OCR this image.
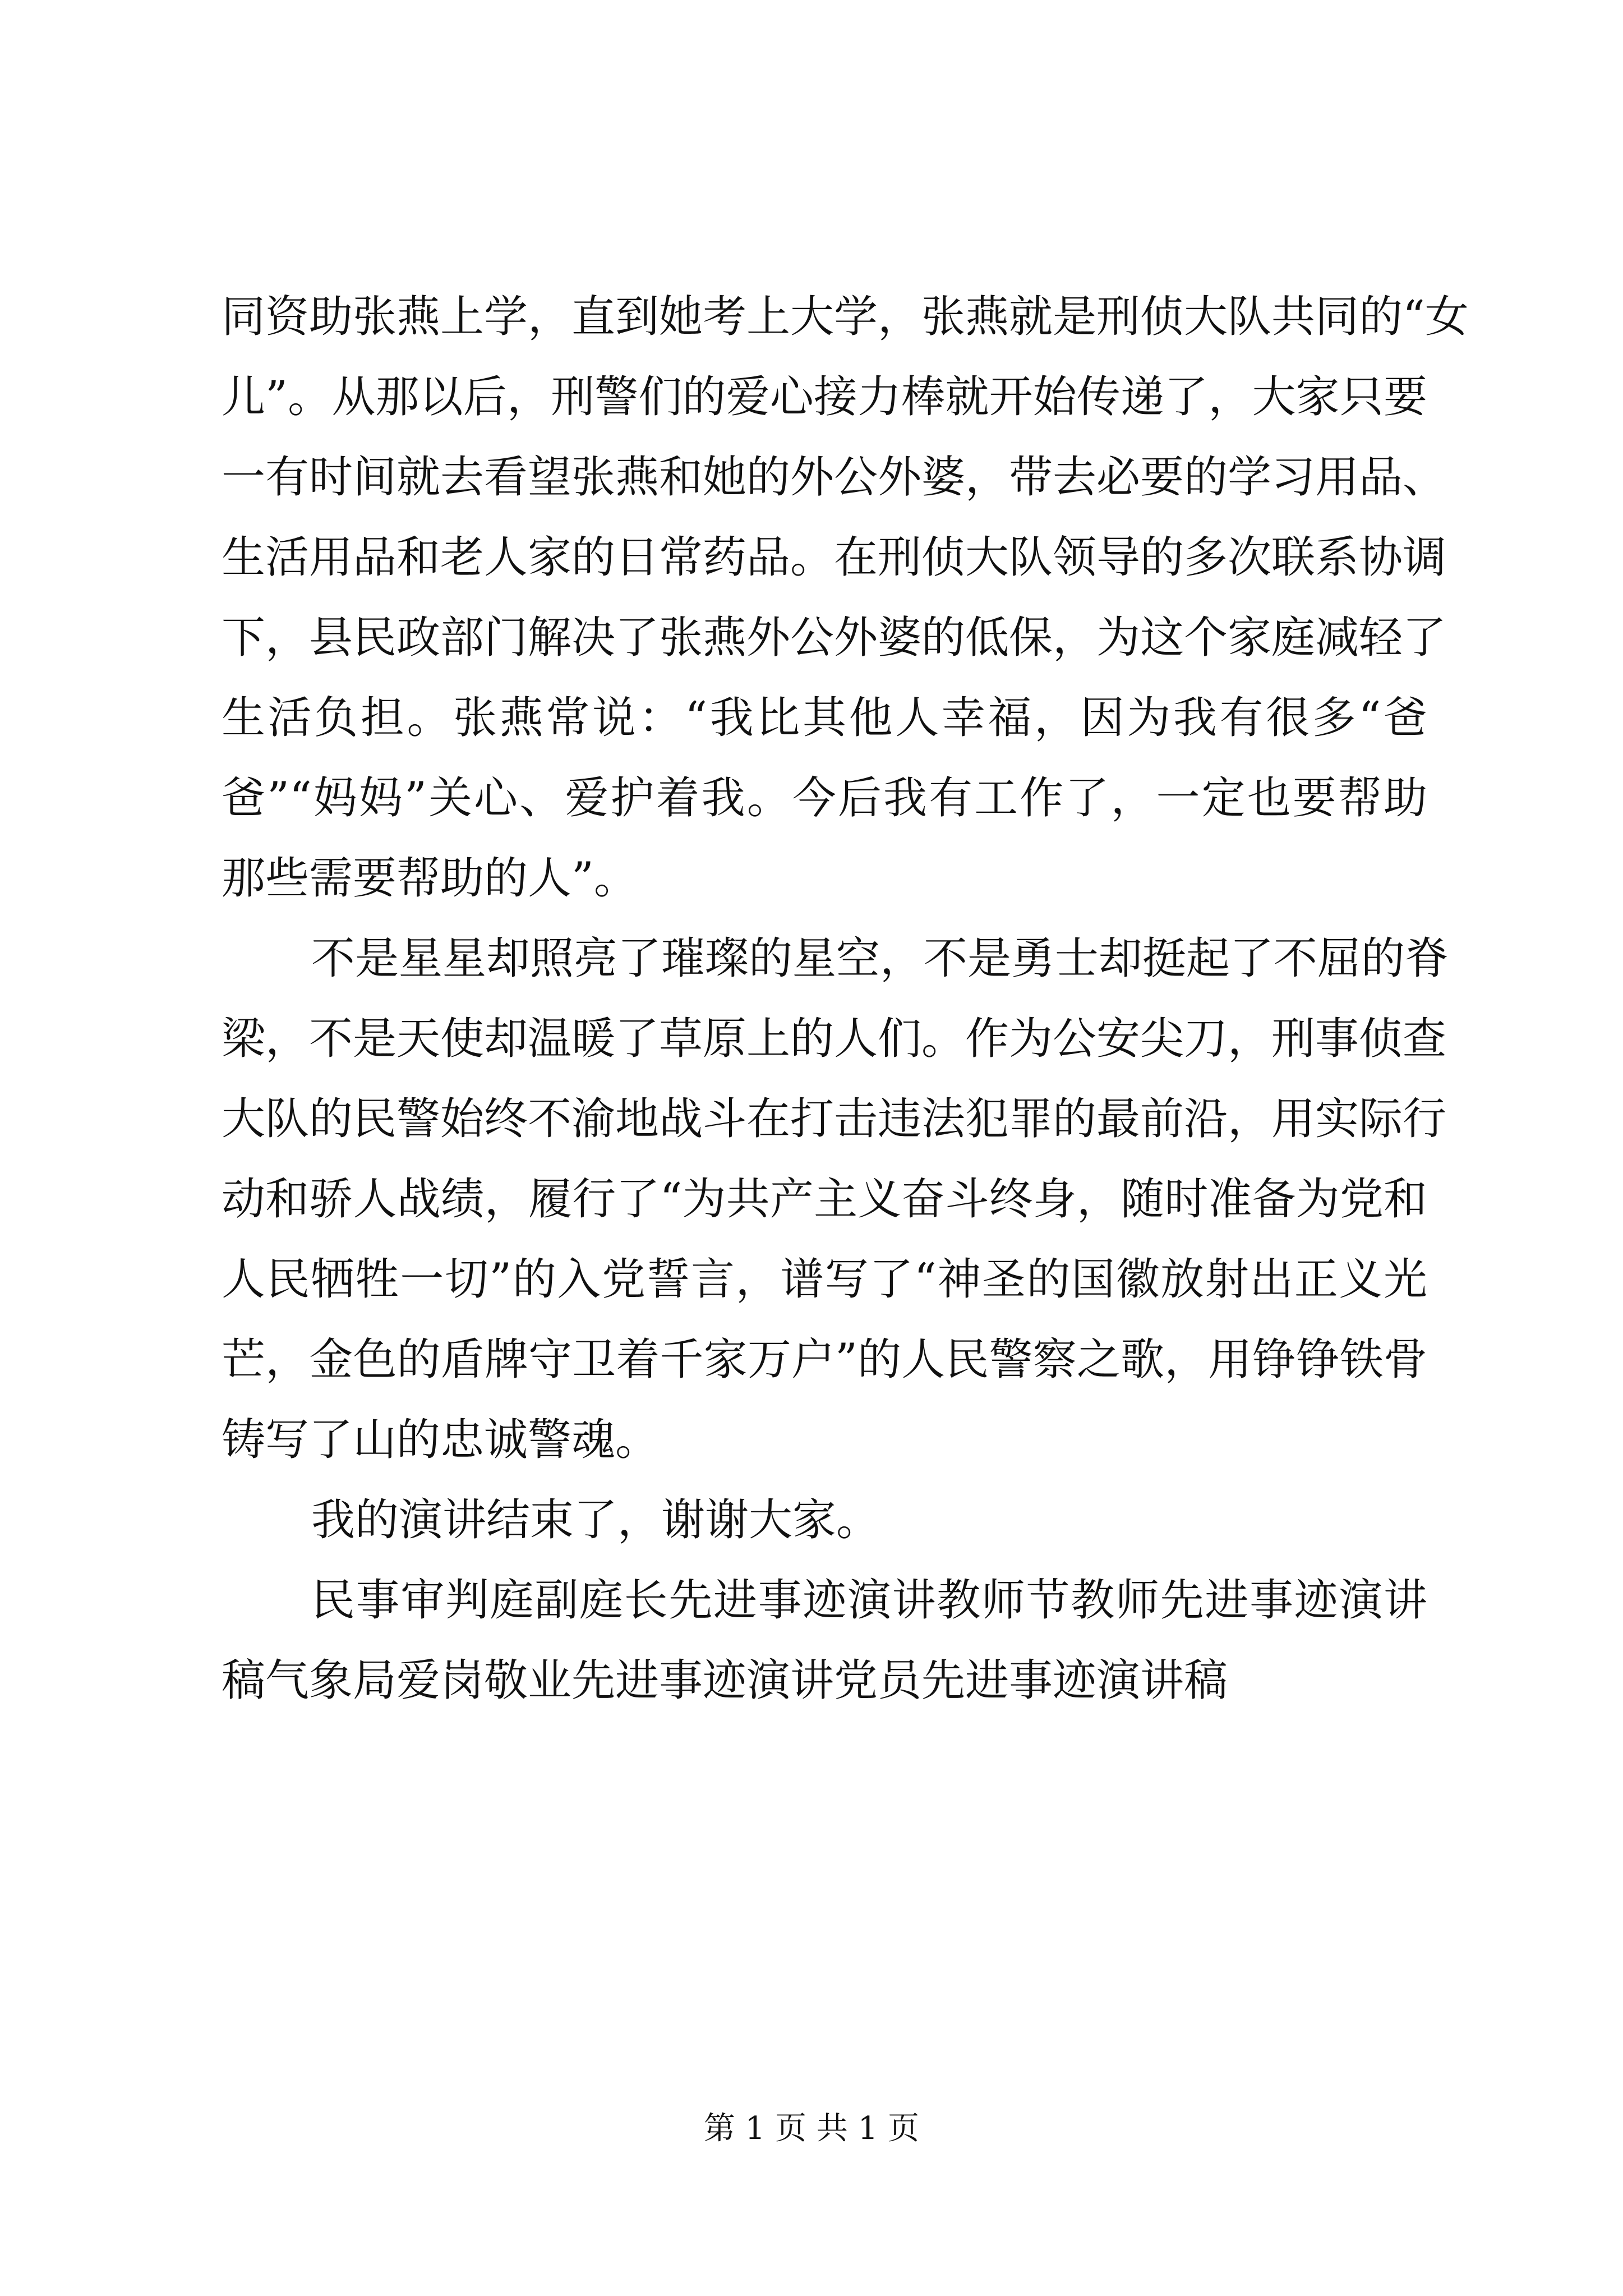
同资助张燕上学，直到她考上大学，张燕就是刑侦大队共同的“女
儿”。从那以后，刑警们的爱心接力棒就开始传递了，大家只要
一有时间就去看望张燕和她的外公外婆，带去必要的学习用品、
生活用品和老人家的日常药品。在刑侦大队领导的多次联系协调
下，县民政部门解决了张燕外公外婆的低保，为这个家庭减轻了
生活负担。张燕常说：“我比其他人幸福，因为我有很多“爸
爸”“妈妈”关心、爱护着我。今后我有工作了，一定也要帮助
那些需要帮助的人”。
不是星星却照亮了璀璨的星空，不是勇士却挺起了不屈的脊
梁，不是天使却温暖了草原上的人们。作为公安尖刀，刑事侦查
大队的民警始终不渝地战斗在打击违法犯罪的最前沿，用实际行
动和骄人战绩，履行了“为共产主义奋斗终身，随时准备为党和
人民牺牲一切”的入党誓言，谱写了“神圣的国徽放射出正义光
芒，金色的盾牌守卫着千家万户”的人民警察之歌，用铮铮铁骨
铸写了山的忠诚警魂。
我的演讲结束了，谢谢大家。
民事审判庭副庭长先进事迹演讲教师节教师先进事迹演讲
稿气象局爱岗敬业先进事迹演讲党员先进事迹演讲稿
第 1 页 共 1 页
